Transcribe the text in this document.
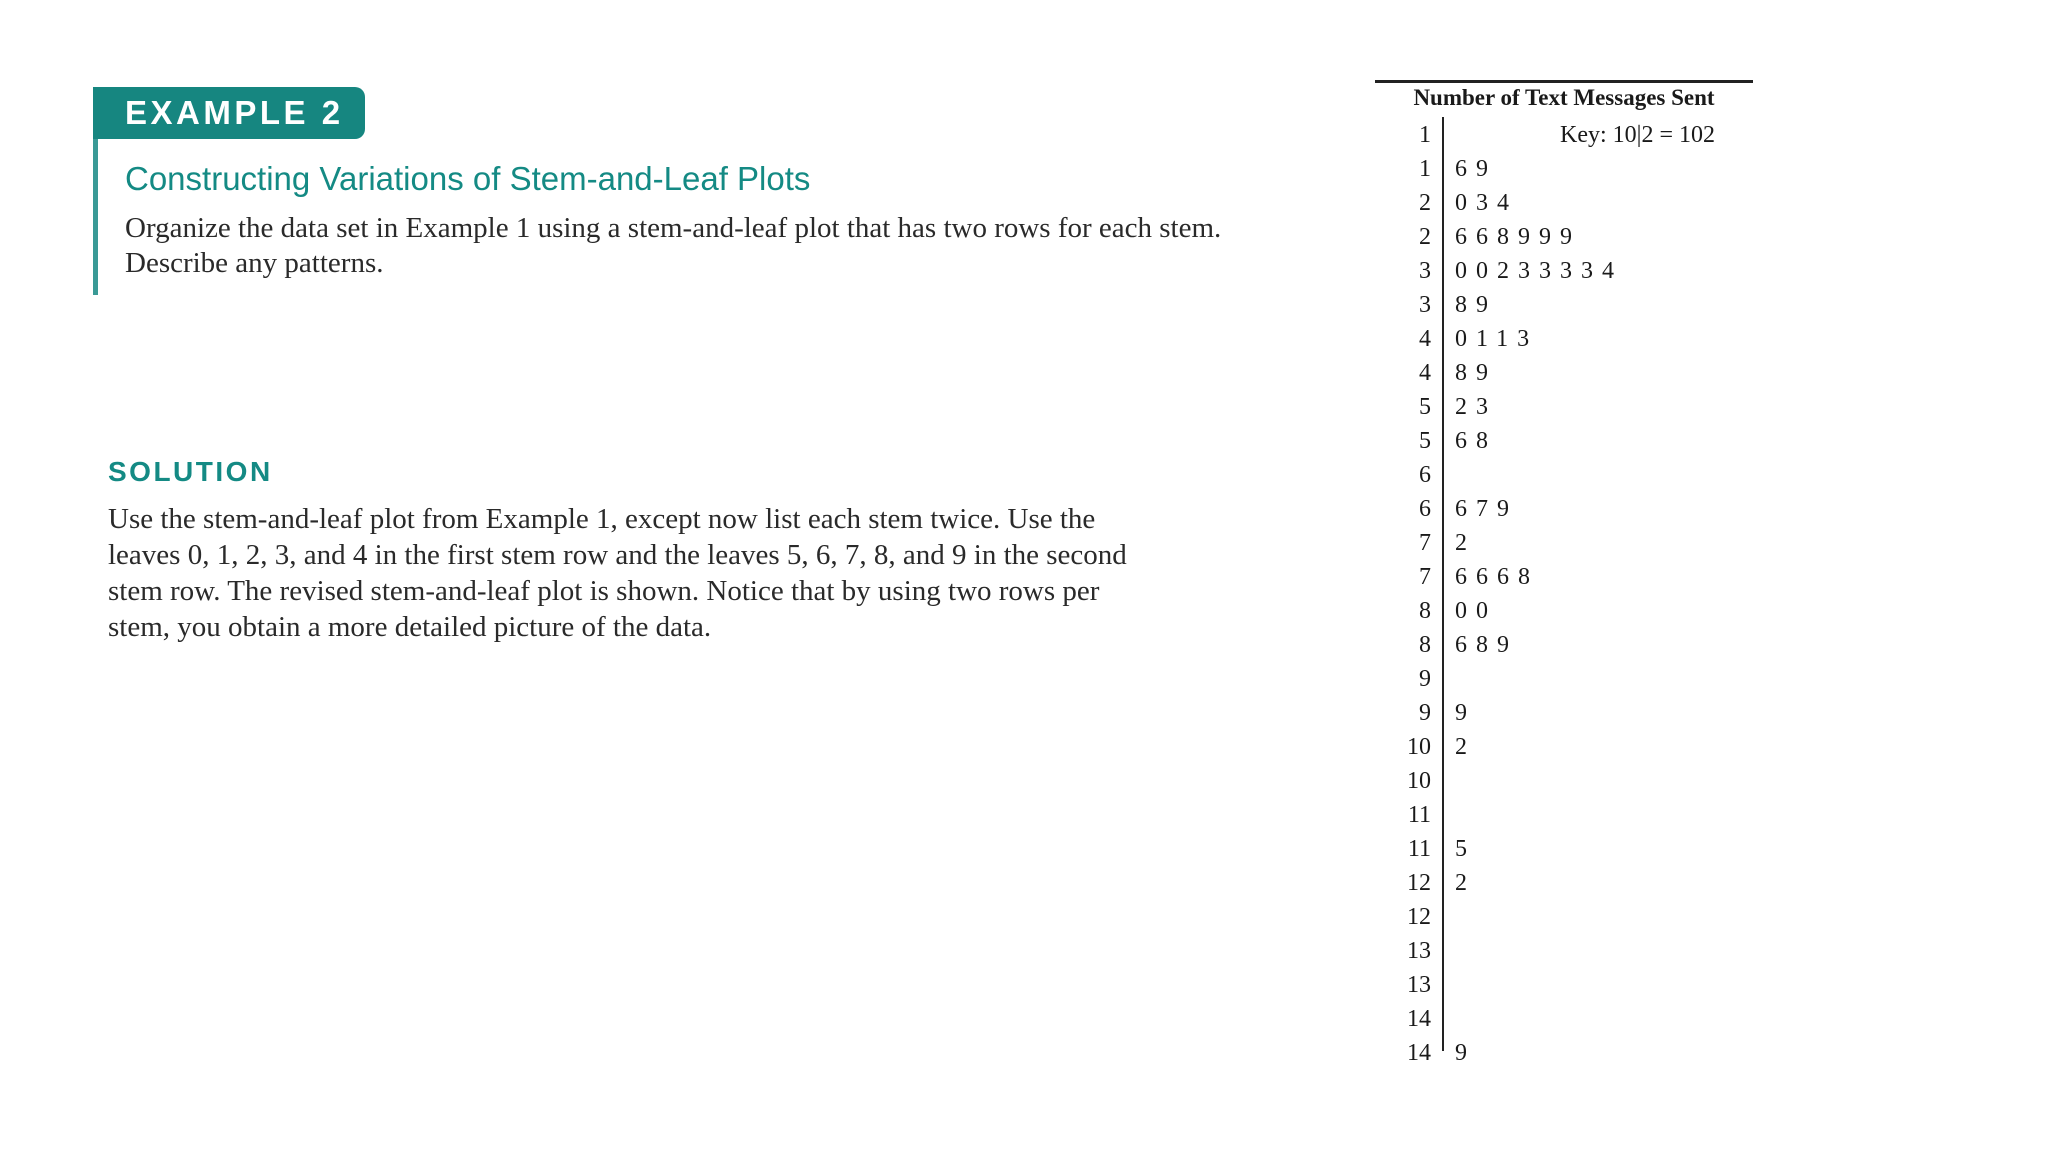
EXAMPLE 2
Constructing Variations of Stem-and-Leaf Plots

Organize the data set in Example 1 using a stem-and-leaf plot that has two rows for each stem. Describe any patterns.

SOLUTION

Use the stem-and-leaf plot from Example 1, except now list each stem twice. Use the leaves 0, 1, 2, 3, and 4 in the first stem row and the leaves 5, 6, 7, 8, and 9 in the second stem row. The revised stem-and-leaf plot is shown. Notice that by using two rows per stem, you obtain a more detailed picture of the data.

Number of Text Messages Sent
Key: 10|2 = 102
1
1 69
2 034
2 668999
3 00233334
3 89
4 0113
4 89
5 23
5 68
6
6 679
7 2
7 6668
8 00
8 689
9
9 9
10 2
10
11
11 5
12 2
12
13
13
14
14 9
